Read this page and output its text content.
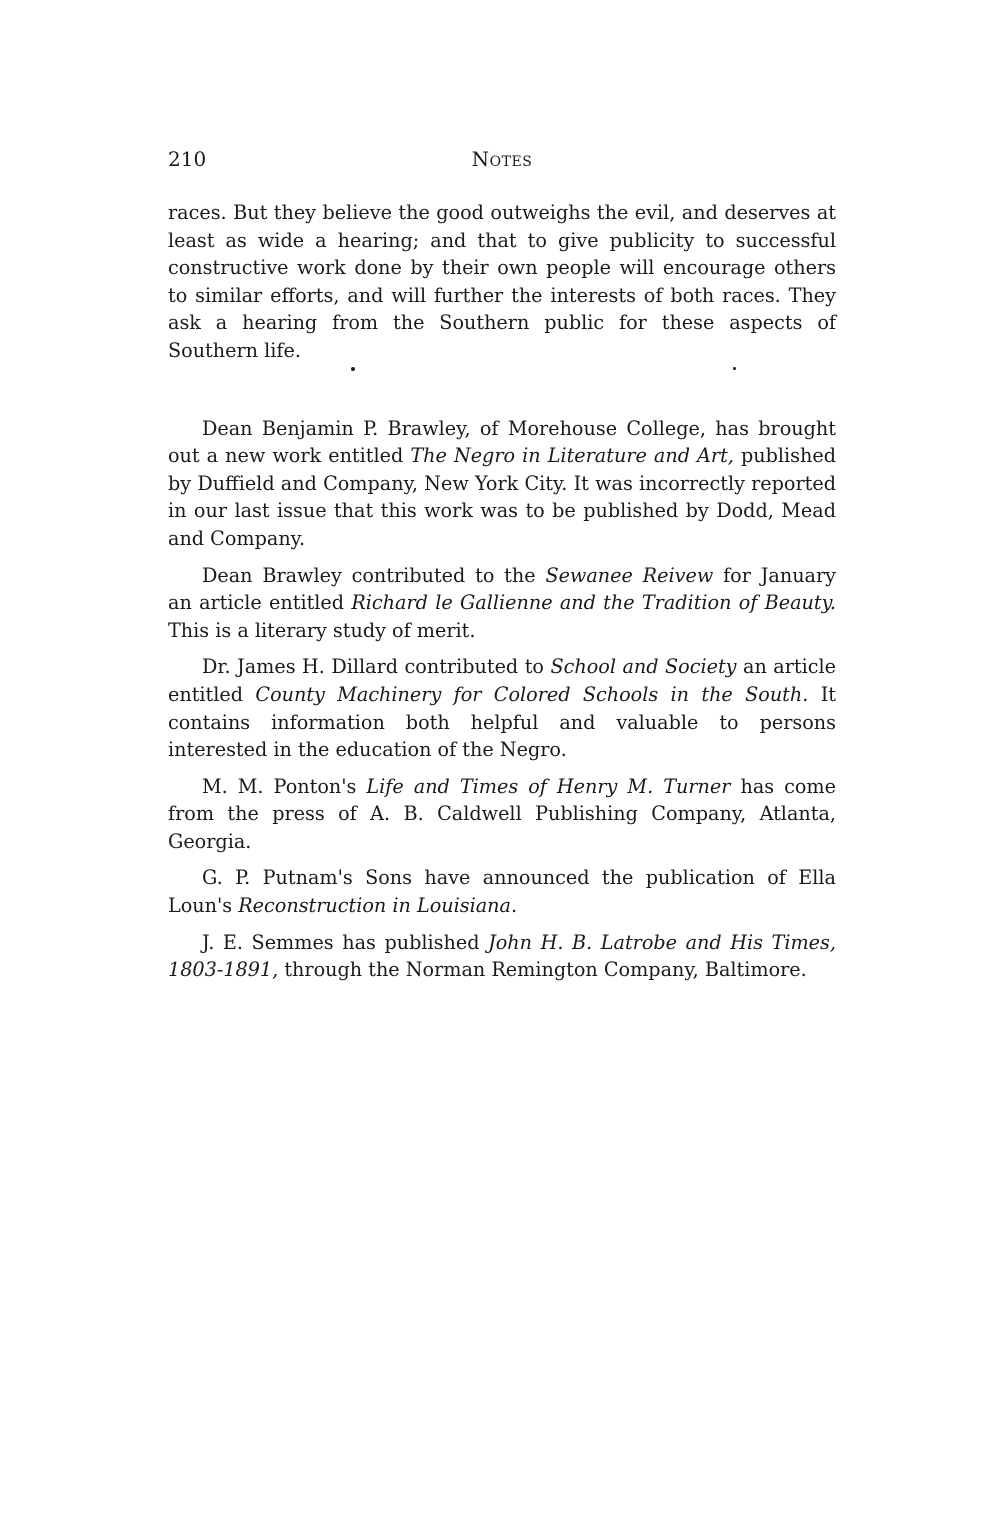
210	Notes

races. But they believe the good outweighs the evil, and deserves at least as wide a hearing; and that to give publicity to successful constructive work done by their own people will encourage others to similar efforts, and will further the interests of both races. They ask a hearing from the Southern public for these aspects of Southern life.

Dean Benjamin P. Brawley, of Morehouse College, has brought out a new work entitled The Negro in Literature and Art, published by Duffield and Company, New York City. It was incorrectly reported in our last issue that this work was to be published by Dodd, Mead and Company.

Dean Brawley contributed to the Sewanee Reivew for January an article entitled Richard le Gallienne and the Tradition of Beauty. This is a literary study of merit.

Dr. James H. Dillard contributed to School and Society an article entitled County Machinery for Colored Schools in the South. It contains information both helpful and valuable to persons interested in the education of the Negro.

M. M. Ponton's Life and Times of Henry M. Turner has come from the press of A. B. Caldwell Publishing Company, Atlanta, Georgia.

G. P. Putnam's Sons have announced the publication of Ella Loun's Reconstruction in Louisiana.

J. E. Semmes has published John H. B. Latrobe and His Times, 1803-1891, through the Norman Remington Company, Baltimore.
